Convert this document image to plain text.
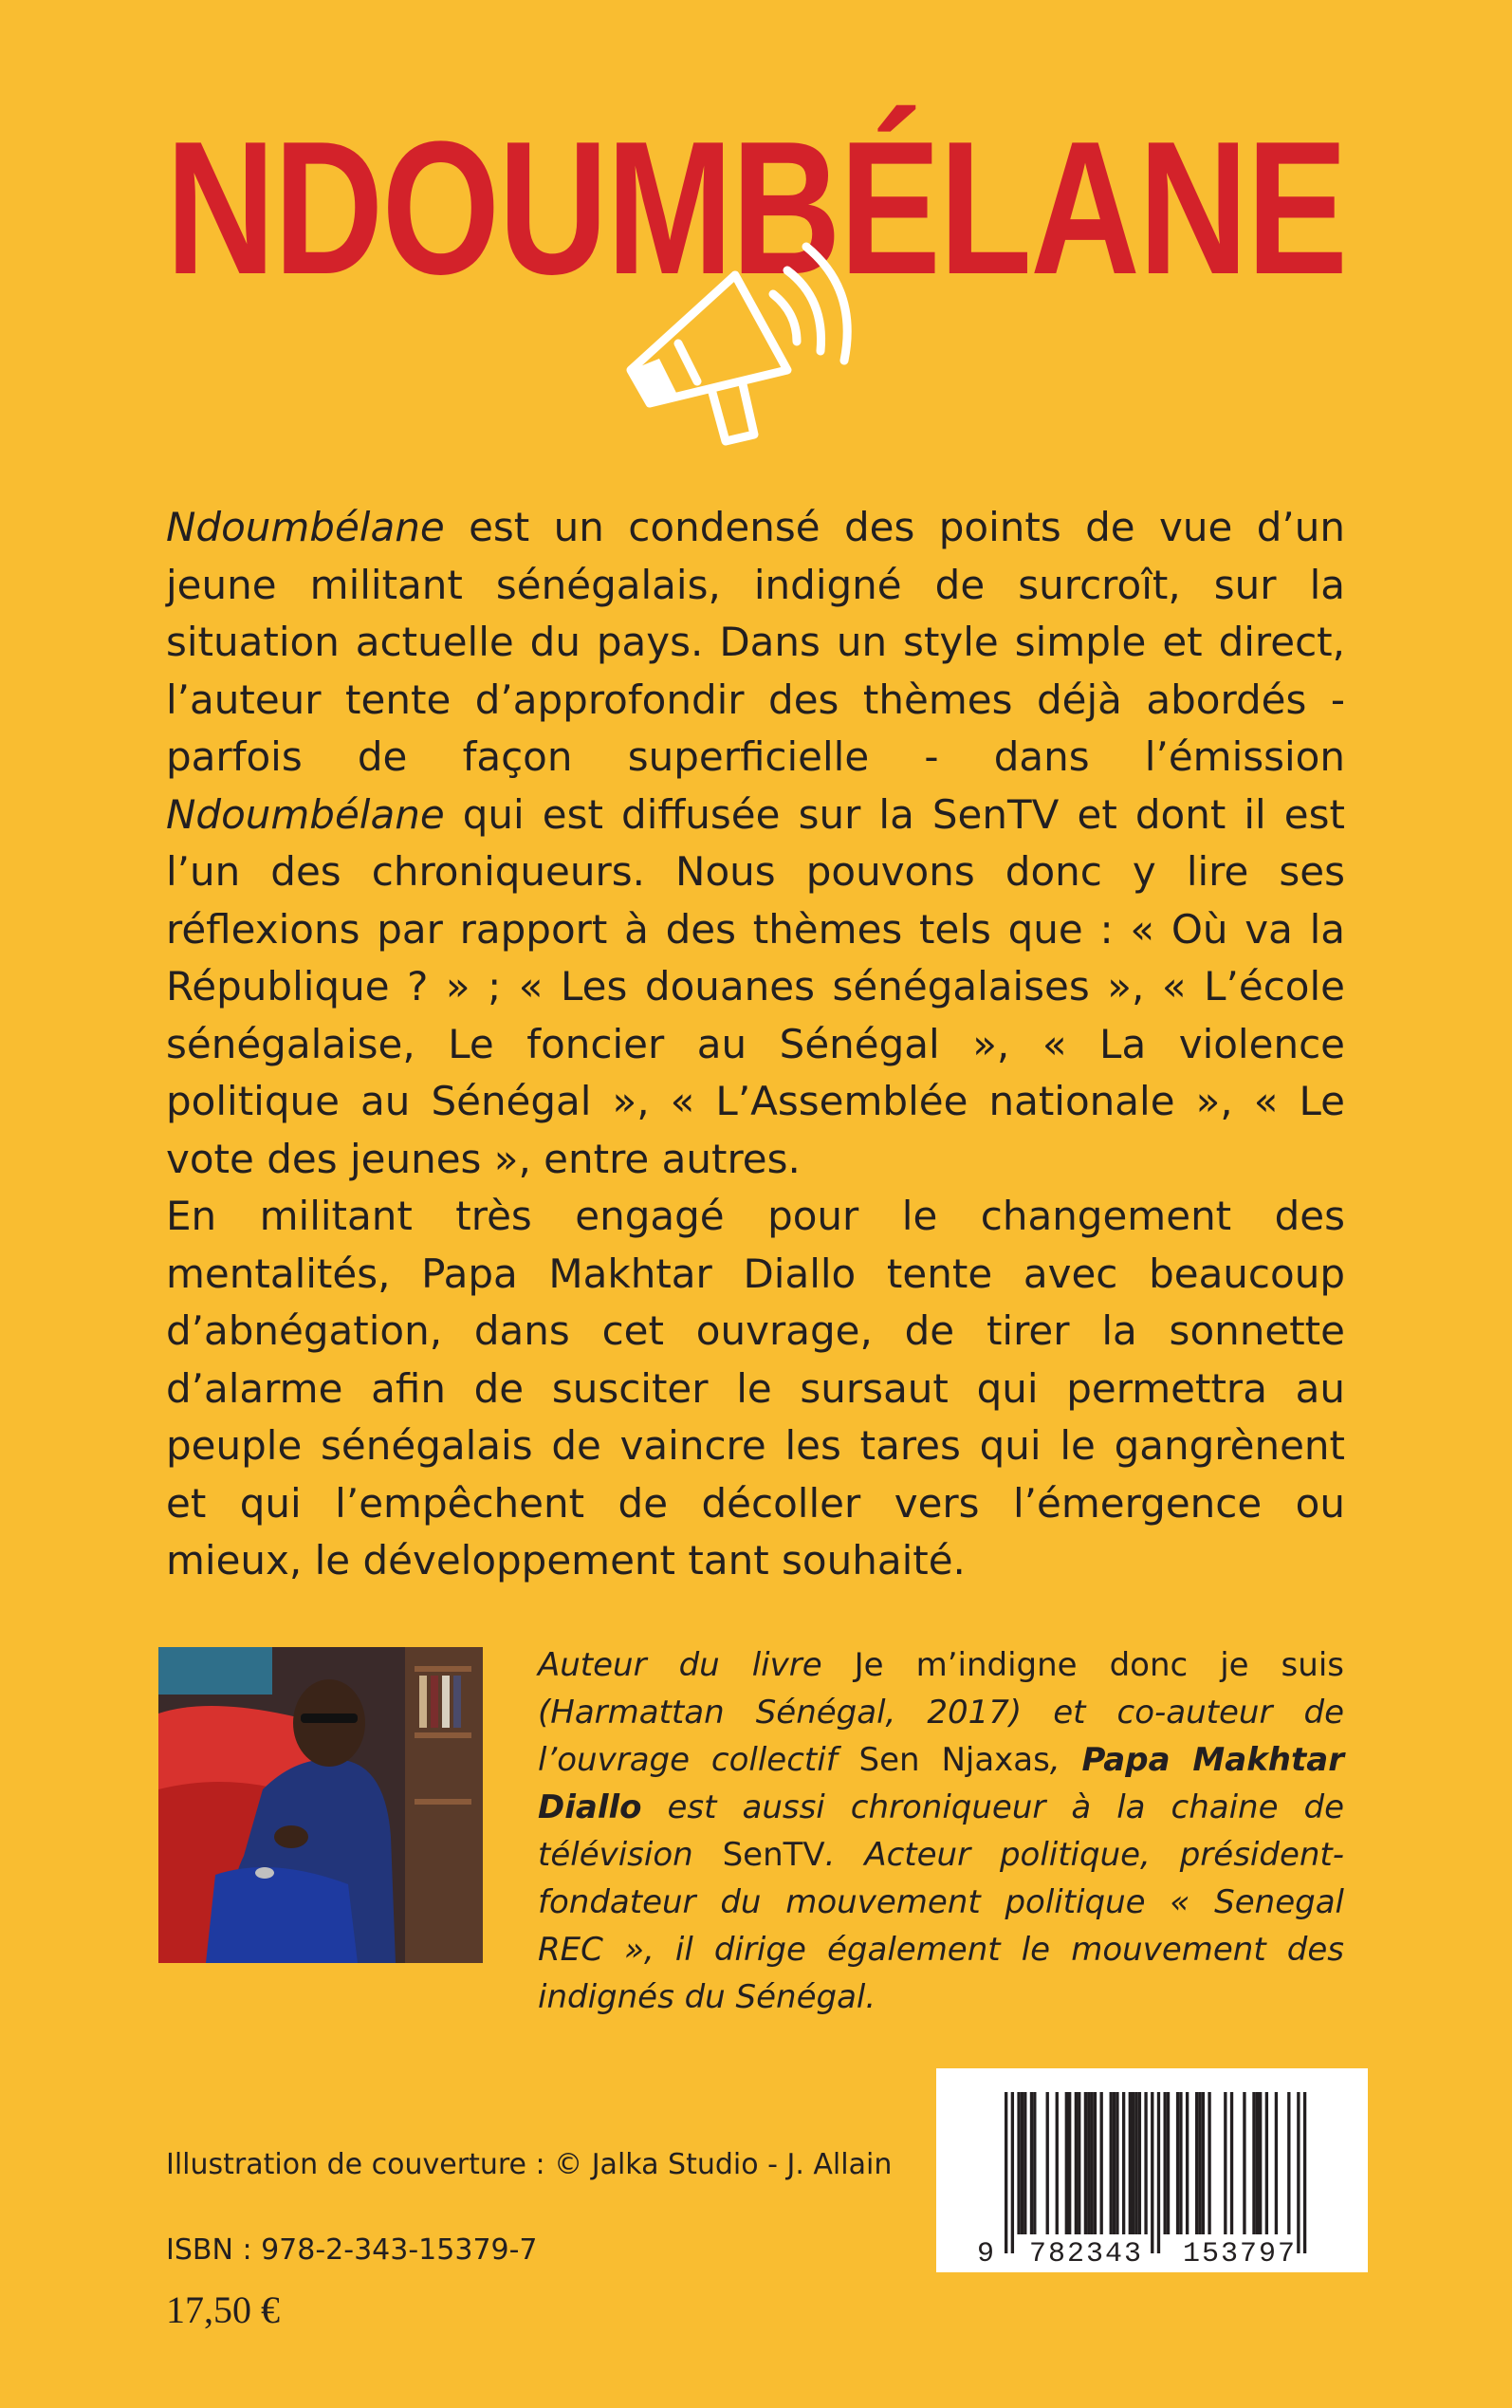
NDOUMBÉLANE

Ndoumbélane est un condensé des points de vue d’un jeune militant sénégalais, indigné de surcroît, sur la situation actuelle du pays. Dans un style simple et direct, l’auteur tente d’approfondir des thèmes déjà abordés - parfois de façon superficielle - dans l’émission Ndoumbélane qui est diffusée sur la SenTV et dont il est l’un des chroniqueurs. Nous pouvons donc y lire ses réflexions par rapport à des thèmes tels que : « Où va la République ? » ; « Les douanes sénégalaises », « L’école sénégalaise, Le foncier au Sénégal », « La violence politique au Sénégal », « L’Assemblée nationale », « Le vote des jeunes », entre autres.

En militant très engagé pour le changement des mentalités, Papa Makhtar Diallo tente avec beaucoup d’abnégation, dans cet ouvrage, de tirer la sonnette d’alarme afin de susciter le sursaut qui permettra au peuple sénégalais de vaincre les tares qui le gangrènent et qui l’empêchent de décoller vers l’émergence ou mieux, le développement tant souhaité.

Auteur du livre Je m’indigne donc je suis (Harmattan Sénégal, 2017) et co-auteur de l’ouvrage collectif Sen Njaxas, Papa Makhtar Diallo est aussi chroniqueur à la chaine de télévision SenTV. Acteur politique, président-fondateur du mouvement politique « Senegal REC », il dirige également le mouvement des indignés du Sénégal.
Illustration de couverture : © Jalka Studio - J. Allain
ISBN : 978-2-343-15379-7
17,50 €
9 782343 153797
